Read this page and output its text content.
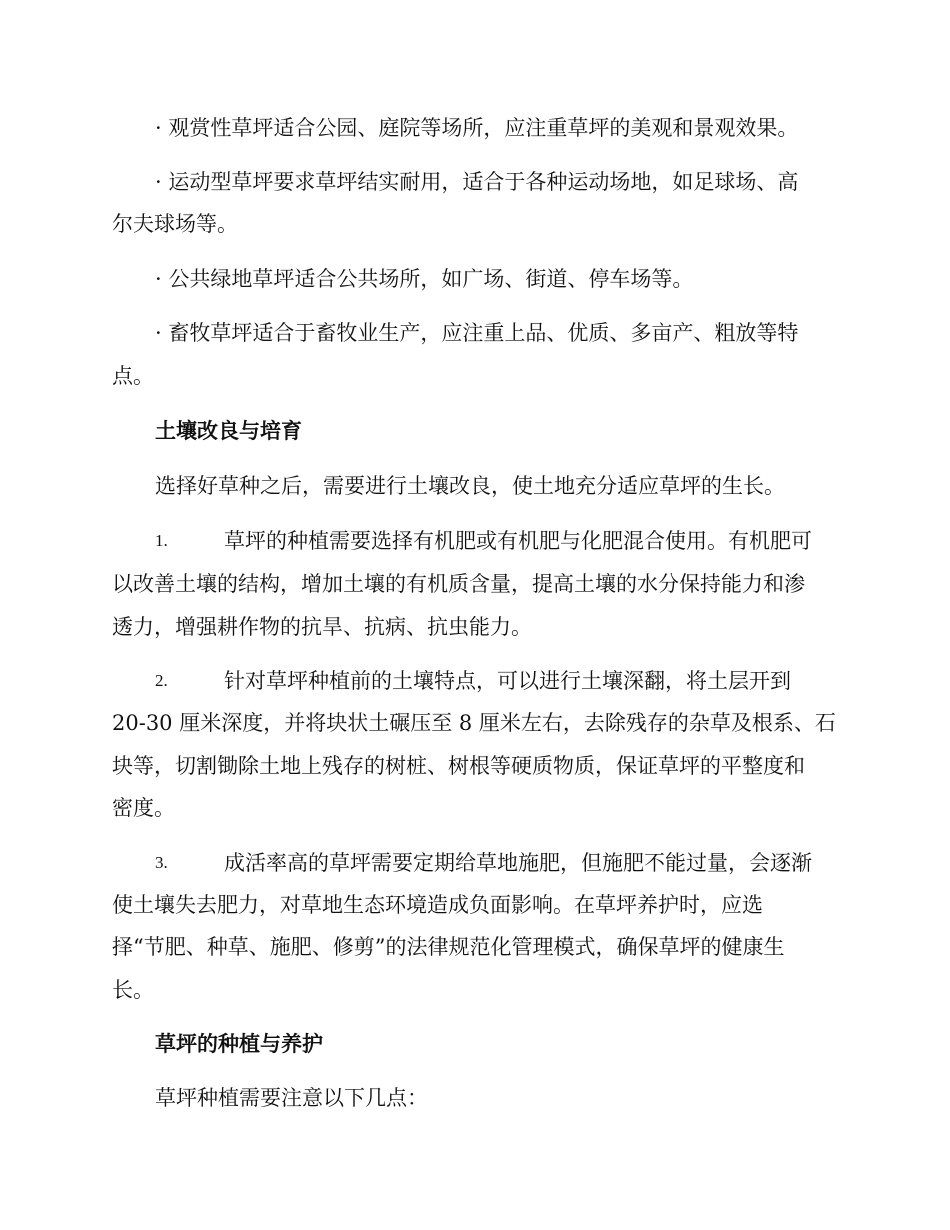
· 观赏性草坪适合公园、庭院等场所，应注重草坪的美观和景观效果。
· 运动型草坪要求草坪结实耐用，适合于各种运动场地，如足球场、高
尔夫球场等。
· 公共绿地草坪适合公共场所，如广场、街道、停车场等。
· 畜牧草坪适合于畜牧业生产，应注重上品、优质、多亩产、粗放等特
点。
土壤改良与培育
选择好草种之后，需要进行土壤改良，使土地充分适应草坪的生长。
1.	草坪的种植需要选择有机肥或有机肥与化肥混合使用。有机肥可
以改善土壤的结构，增加土壤的有机质含量，提高土壤的水分保持能力和渗
透力，增强耕作物的抗旱、抗病、抗虫能力。
2.	针对草坪种植前的土壤特点，可以进行土壤深翻，将土层开到
20-30 厘米深度，并将块状土碾压至 8 厘米左右，去除残存的杂草及根系、石
块等，切割锄除土地上残存的树桩、树根等硬质物质，保证草坪的平整度和
密度。
3.	成活率高的草坪需要定期给草地施肥，但施肥不能过量，会逐渐
使土壤失去肥力，对草地生态环境造成负面影响。在草坪养护时，应选
择“节肥、种草、施肥、修剪”的法律规范化管理模式，确保草坪的健康生
长。
草坪的种植与养护
草坪种植需要注意以下几点：
